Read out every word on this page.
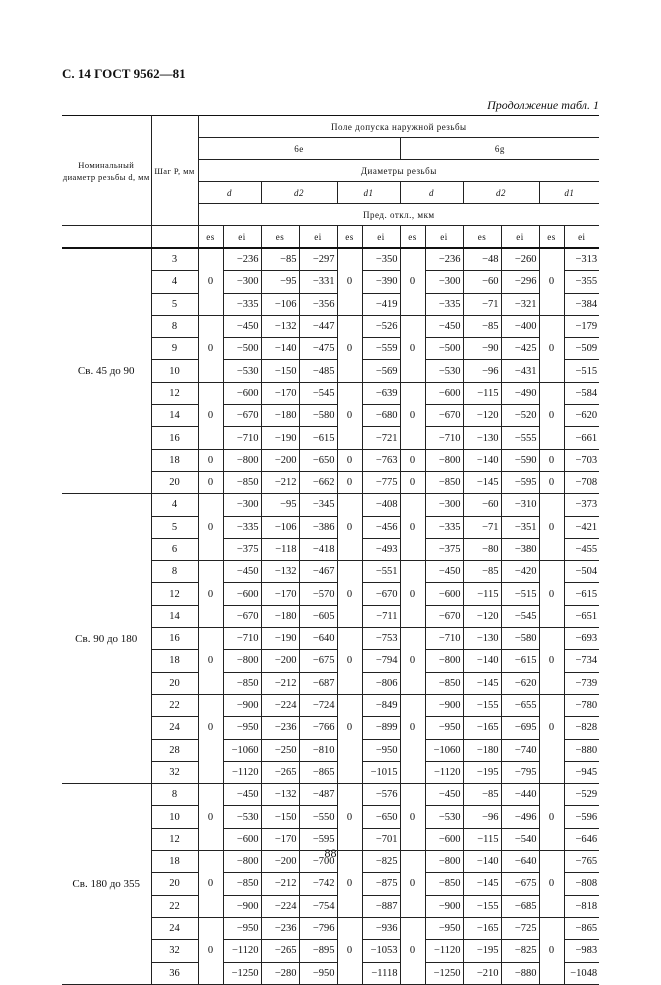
С. 14 ГОСТ 9562—81
Продолжение табл. 1
Номинальный диаметр резьбы d, мм	Шаг P, мм	Поле допуска наружной резьбы											
		6e						6g					
		Диаметры резьбы											
		d		d2		d1		d		d2		d1	
		Пред. откл., мкм											
		es	ei	es	ei	es	ei	es	ei	es	ei	es	ei
Св. 45 до 90	3		−236	−85	−297		−350		−236	−48	−260		−313
	4	0	−300	−95	−331	0	−390	0	−300	−60	−296	0	−355
	5		−335	−106	−356		−419		−335	−71	−321		−384
	8		−450	−132	−447		−526		−450	−85	−400		−179
	9	0	−500	−140	−475	0	−559	0	−500	−90	−425	0	−509
	10		−530	−150	−485		−569		−530	−96	−431		−515
	12		−600	−170	−545		−639		−600	−115	−490		−584
	14	0	−670	−180	−580	0	−680	0	−670	−120	−520	0	−620
	16		−710	−190	−615		−721		−710	−130	−555		−661
	18	0	−800	−200	−650	0	−763	0	−800	−140	−590	0	−703
	20	0	−850	−212	−662	0	−775	0	−850	−145	−595	0	−708
Св. 90 до 180	4		−300	−95	−345		−408		−300	−60	−310		−373
	5	0	−335	−106	−386	0	−456	0	−335	−71	−351	0	−421
	6		−375	−118	−418		−493		−375	−80	−380		−455
	8		−450	−132	−467		−551		−450	−85	−420		−504
	12	0	−600	−170	−570	0	−670	0	−600	−115	−515	0	−615
	14		−670	−180	−605		−711		−670	−120	−545		−651
	16		−710	−190	−640		−753		−710	−130	−580		−693
	18	0	−800	−200	−675	0	−794	0	−800	−140	−615	0	−734
	20		−850	−212	−687		−806		−850	−145	−620		−739
	22		−900	−224	−724		−849		−900	−155	−655		−780
	24	0	−950	−236	−766	0	−899	0	−950	−165	−695	0	−828
	28		−1060	−250	−810		−950		−1060	−180	−740		−880
	32		−1120	−265	−865		−1015		−1120	−195	−795		−945
Св. 180 до 355	8		−450	−132	−487		−576		−450	−85	−440		−529
	10	0	−530	−150	−550	0	−650	0	−530	−96	−496	0	−596
	12		−600	−170	−595		−701		−600	−115	−540		−646
	18		−800	−200	−700		−825		−800	−140	−640		−765
	20	0	−850	−212	−742	0	−875	0	−850	−145	−675	0	−808
	22		−900	−224	−754		−887		−900	−155	−685		−818
	24		−950	−236	−796		−936		−950	−165	−725		−865
	32	0	−1120	−265	−895	0	−1053	0	−1120	−195	−825	0	−983
	36		−1250	−280	−950		−1118		−1250	−210	−880		−1048
88
